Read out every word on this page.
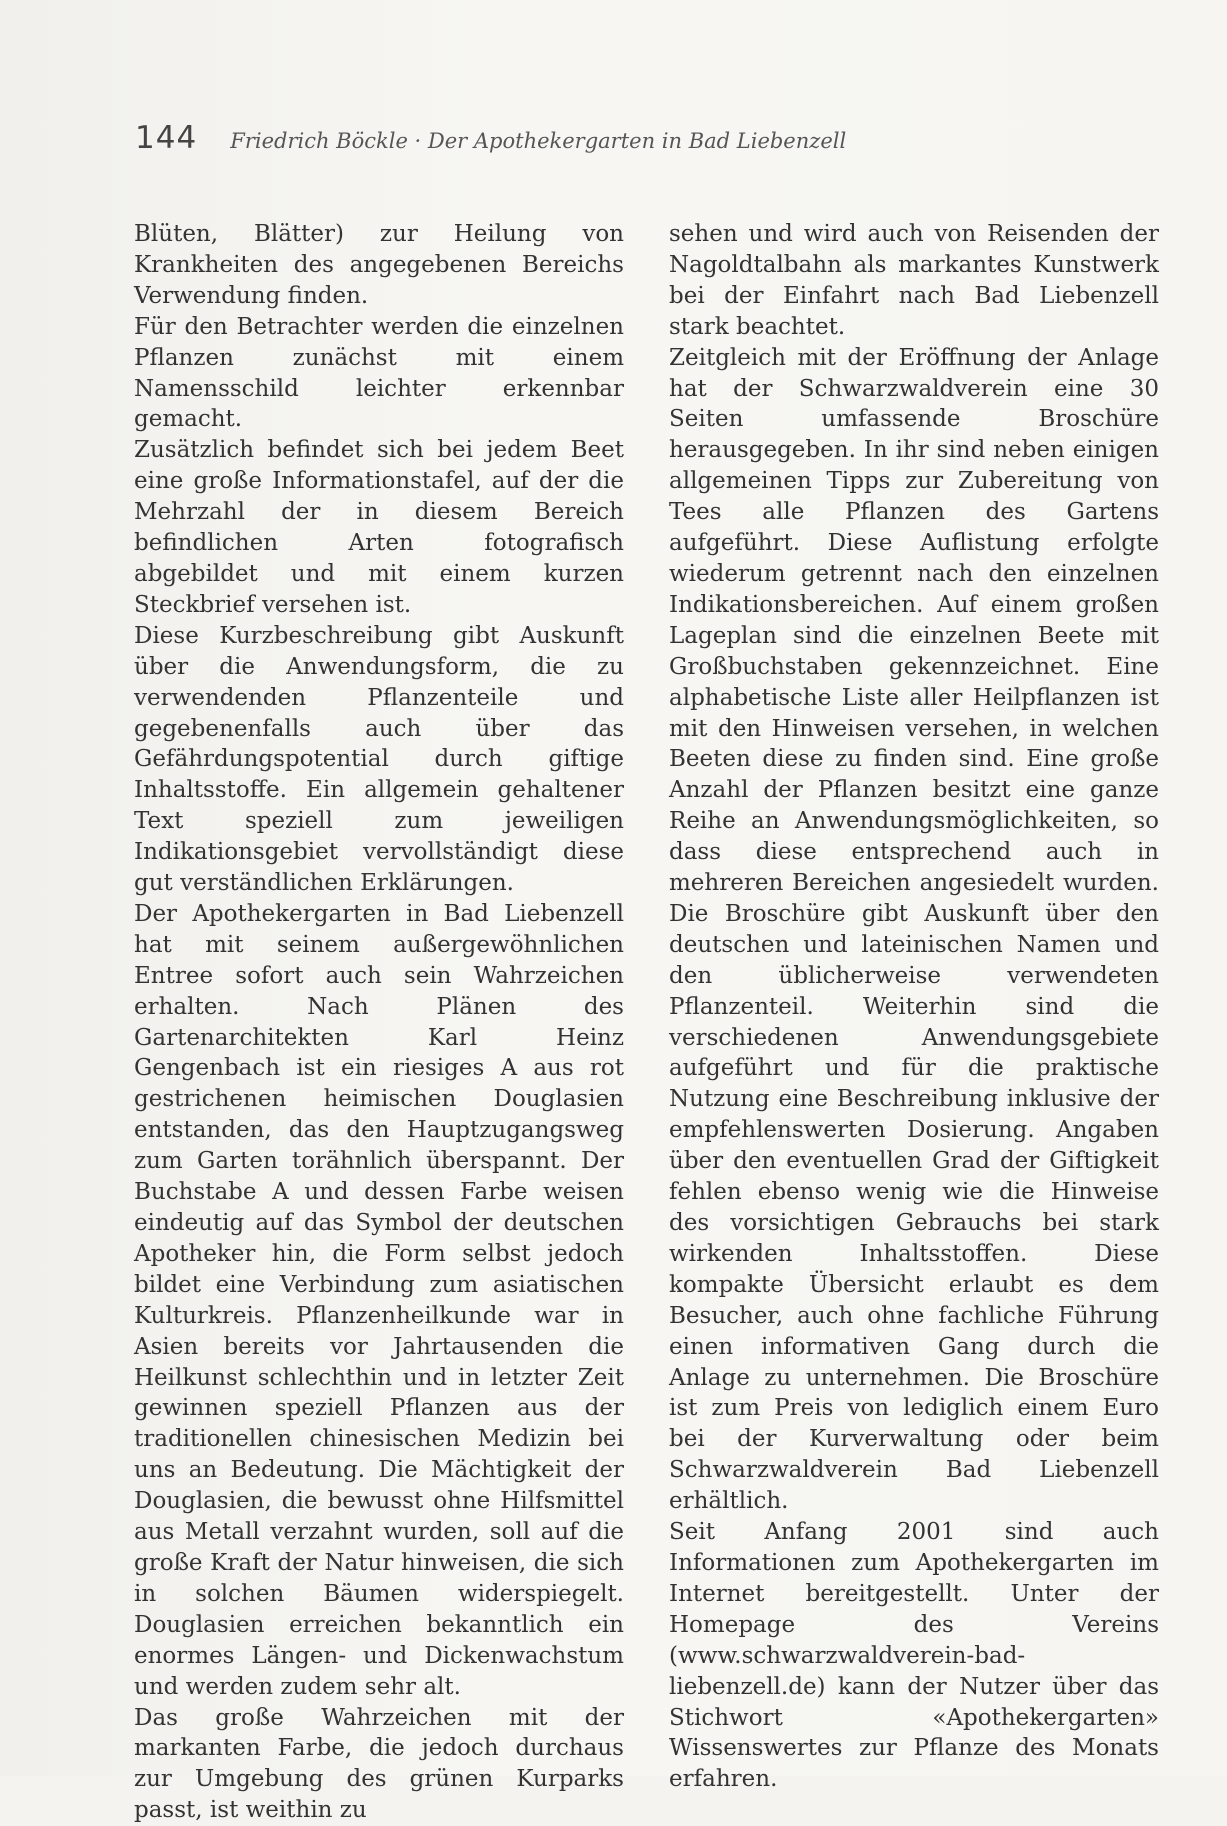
144 Friedrich Böckle · Der Apothekergarten in Bad Liebenzell

Blüten, Blätter) zur Heilung von Krankheiten des angegebenen Bereichs Verwendung finden.

Für den Betrachter werden die einzelnen Pflanzen zunächst mit einem Namensschild leichter erkennbar gemacht.

Zusätzlich befindet sich bei jedem Beet eine große Informationstafel, auf der die Mehrzahl der in diesem Bereich befindlichen Arten fotografisch abgebildet und mit einem kurzen Steckbrief versehen ist.

Diese Kurzbeschreibung gibt Auskunft über die Anwendungsform, die zu verwendenden Pflanzenteile und gegebenenfalls auch über das Gefährdungspotential durch giftige Inhaltsstoffe. Ein allgemein gehaltener Text speziell zum jeweiligen Indikationsgebiet vervollständigt diese gut verständlichen Erklärungen.

Der Apothekergarten in Bad Liebenzell hat mit seinem außergewöhnlichen Entree sofort auch sein Wahrzeichen erhalten. Nach Plänen des Gartenarchitekten Karl Heinz Gengenbach ist ein riesiges A aus rot gestrichenen heimischen Douglasien entstanden, das den Hauptzugangsweg zum Garten torähnlich überspannt. Der Buchstabe A und dessen Farbe weisen eindeutig auf das Symbol der deutschen Apotheker hin, die Form selbst jedoch bildet eine Verbindung zum asiatischen Kulturkreis. Pflanzenheilkunde war in Asien bereits vor Jahrtausenden die Heilkunst schlechthin und in letzter Zeit gewinnen speziell Pflanzen aus der traditionellen chinesischen Medizin bei uns an Bedeutung. Die Mächtigkeit der Douglasien, die bewusst ohne Hilfsmittel aus Metall verzahnt wurden, soll auf die große Kraft der Natur hinweisen, die sich in solchen Bäumen widerspiegelt. Douglasien erreichen bekanntlich ein enormes Längen- und Dickenwachstum und werden zudem sehr alt.

Das große Wahrzeichen mit der markanten Farbe, die jedoch durchaus zur Umgebung des grünen Kurparks passt, ist weithin zu

sehen und wird auch von Reisenden der Nagoldtalbahn als markantes Kunstwerk bei der Einfahrt nach Bad Liebenzell stark beachtet.

Zeitgleich mit der Eröffnung der Anlage hat der Schwarzwaldverein eine 30 Seiten umfassende Broschüre herausgegeben. In ihr sind neben einigen allgemeinen Tipps zur Zubereitung von Tees alle Pflanzen des Gartens aufgeführt. Diese Auflistung erfolgte wiederum getrennt nach den einzelnen Indikationsbereichen. Auf einem großen Lageplan sind die einzelnen Beete mit Großbuchstaben gekennzeichnet. Eine alphabetische Liste aller Heilpflanzen ist mit den Hinweisen versehen, in welchen Beeten diese zu finden sind. Eine große Anzahl der Pflanzen besitzt eine ganze Reihe an Anwendungsmöglichkeiten, so dass diese entsprechend auch in mehreren Bereichen angesiedelt wurden. Die Broschüre gibt Auskunft über den deutschen und lateinischen Namen und den üblicherweise verwendeten Pflanzenteil. Weiterhin sind die verschiedenen Anwendungsgebiete aufgeführt und für die praktische Nutzung eine Beschreibung inklusive der empfehlenswerten Dosierung. Angaben über den eventuellen Grad der Giftigkeit fehlen ebenso wenig wie die Hinweise des vorsichtigen Gebrauchs bei stark wirkenden Inhaltsstoffen. Diese kompakte Übersicht erlaubt es dem Besucher, auch ohne fachliche Führung einen informativen Gang durch die Anlage zu unternehmen. Die Broschüre ist zum Preis von lediglich einem Euro bei der Kurverwaltung oder beim Schwarzwaldverein Bad Liebenzell erhältlich.

Seit Anfang 2001 sind auch Informationen zum Apothekergarten im Internet bereitgestellt. Unter der Homepage des Vereins (www.schwarzwaldverein-bad-liebenzell.de) kann der Nutzer über das Stichwort «Apothekergarten» Wissenswertes zur Pflanze des Monats erfahren.
